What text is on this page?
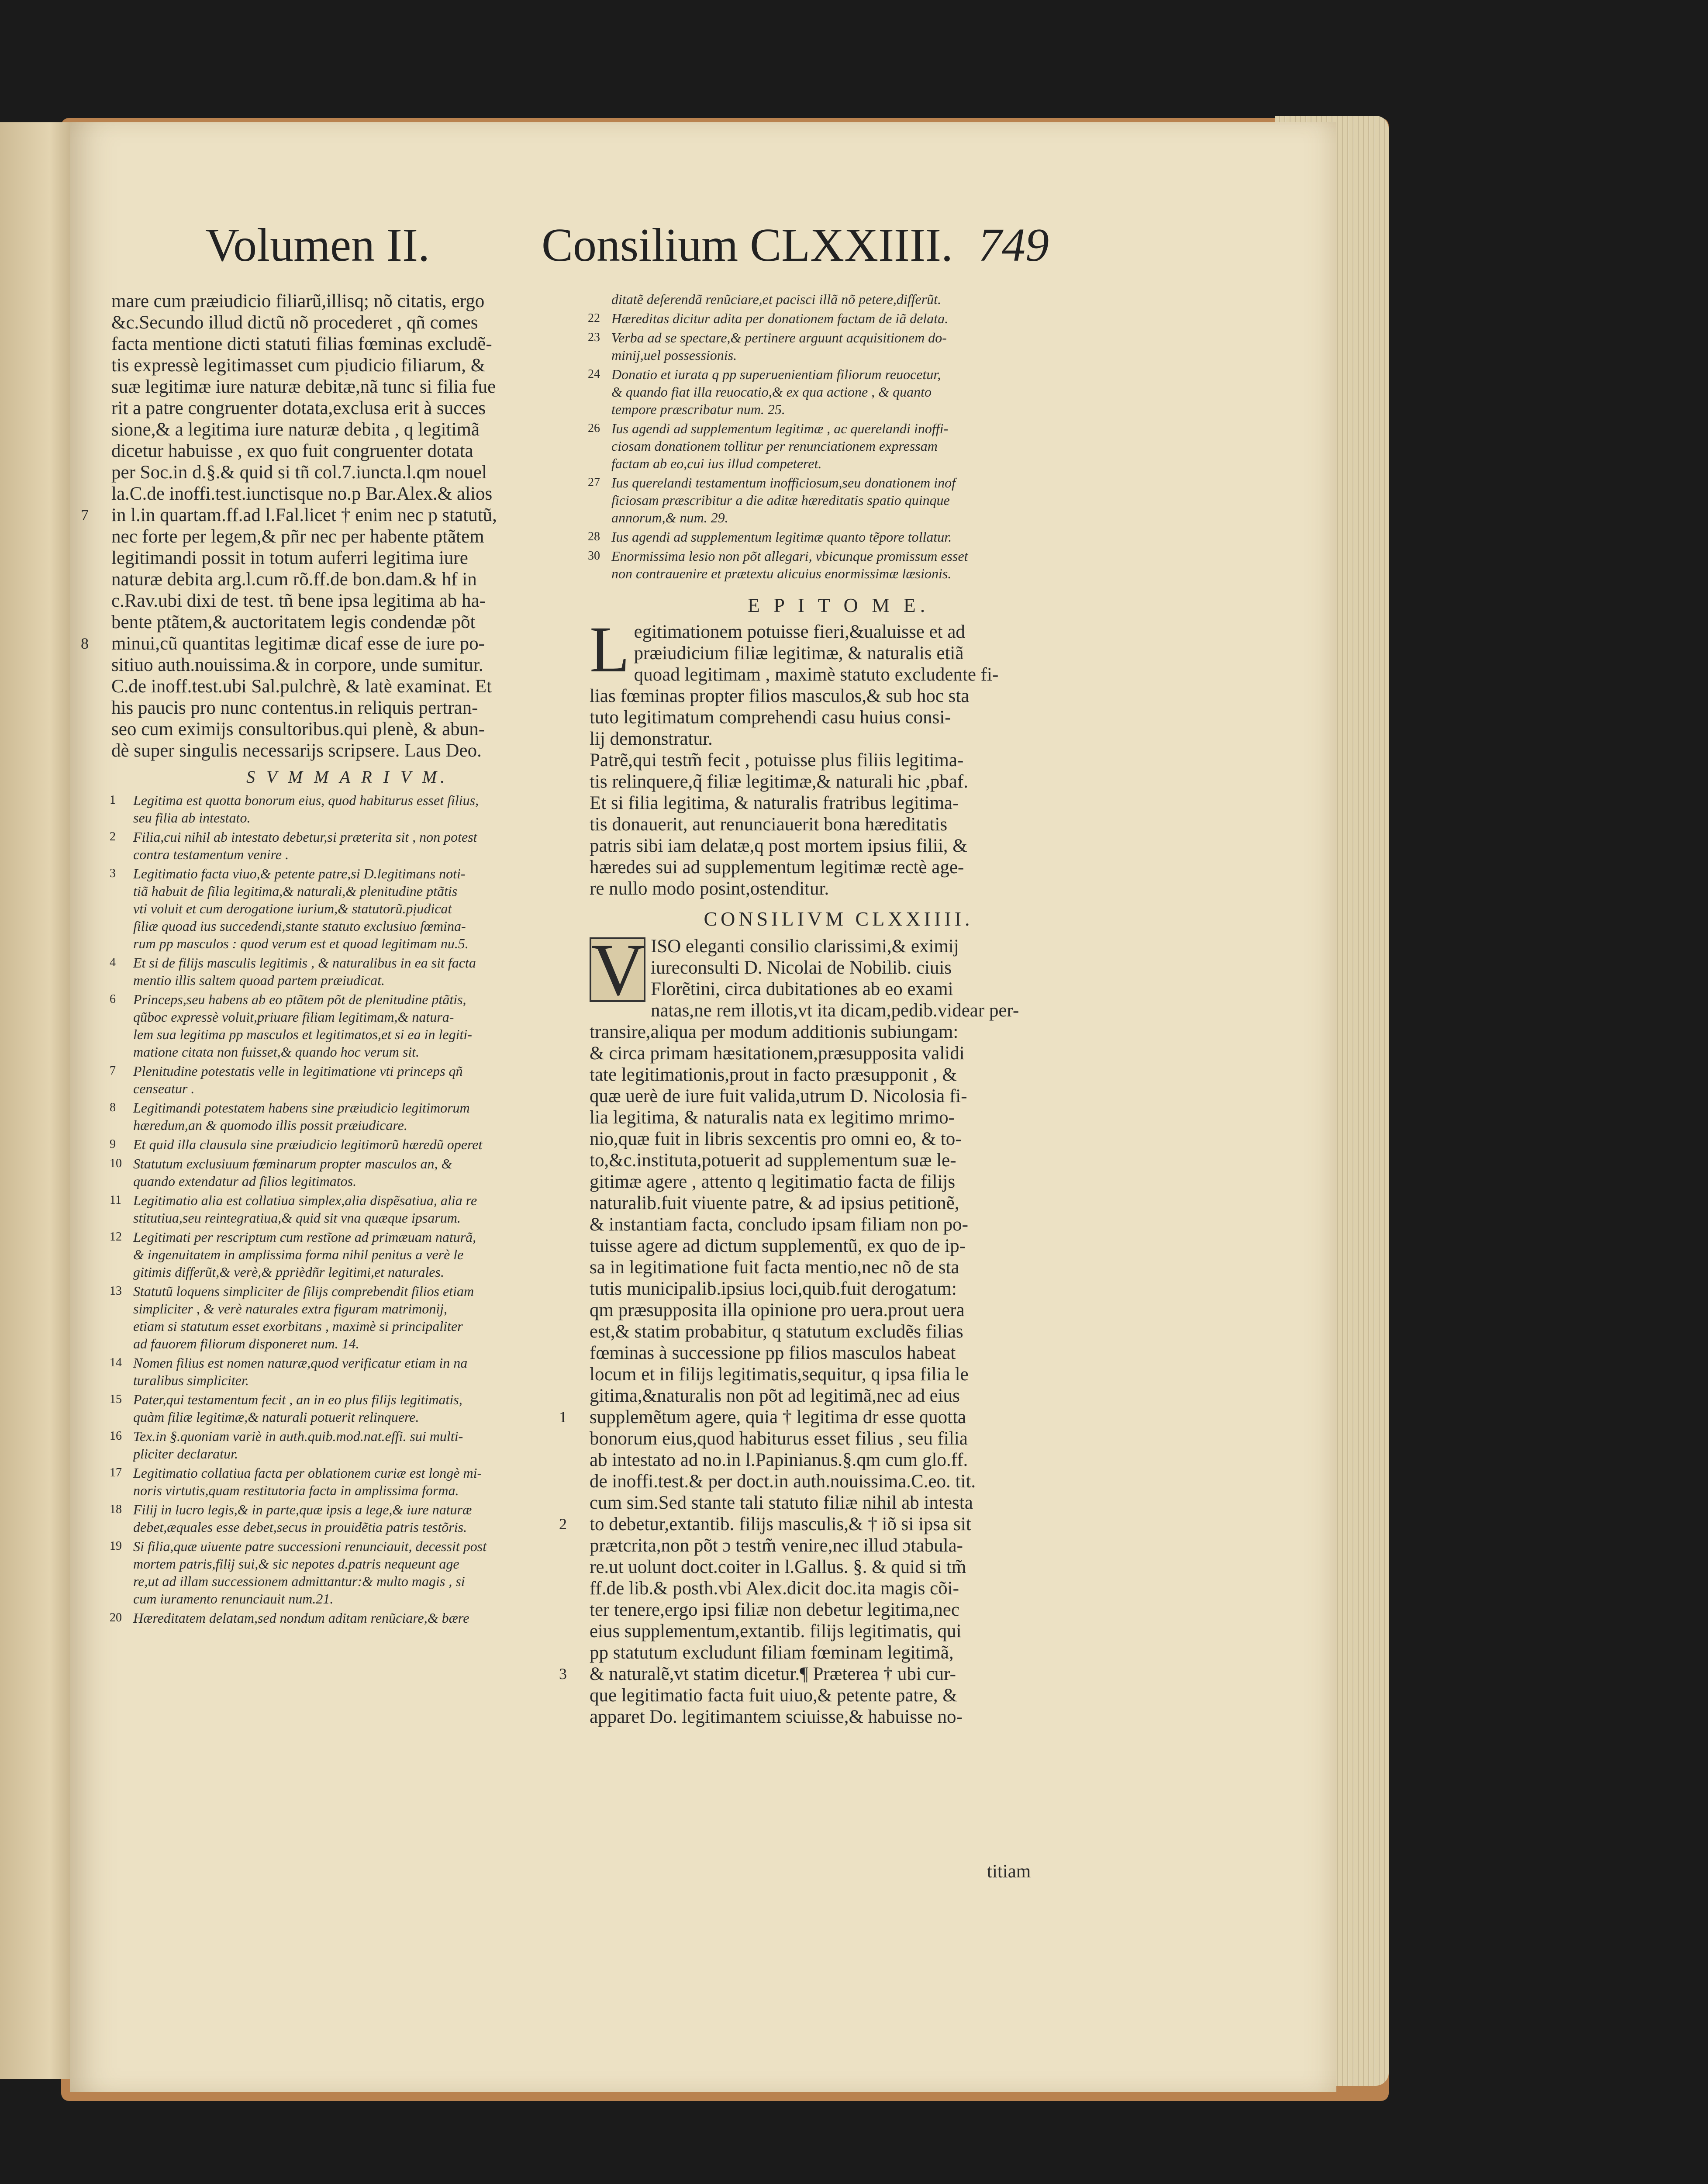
Volumen II. Consilium CLXXIIII. 749
mare cum præiudicio filiarũ,illisq; nõ citatis, ergo
&c.Secundo illud dictũ nõ procederet , qñ comes
facta mentione dicti statuti filias fœminas excludẽ-
tis expressè legitimasset cum pịudicio filiarum, &
suæ legitimæ iure naturæ debitæ,nã tunc si filia fue
rit a patre congruenter dotata,exclusa erit à succes
sione,& a legitima iure naturæ debita , q legitimã
dicetur habuisse , ex quo fuit congruenter dotata
per Soc.in d.§.& quid si tñ col.7.iuncta.l.qm nouel
la.C.de inoffi.test.iunctisque no.p Bar.Alex.& alios
7 in l.in quartam.ff.ad l.Fal.licet † enim nec p statutũ,
nec forte per legem,& pñr nec per habente ptãtem
legitimandi possit in totum auferri legitima iure
naturæ debita arg.l.cum rõ.ff.de bon.dam.& hf in
c.Rav.ubi dixi de test. tñ bene ipsa legitima ab ha-
bente ptãtem,& auctoritatem legis condendæ põt
8 minui,cũ quantitas legitimæ dicaf esse de iure po-
sitiuo auth.nouissima.& in corpore, unde sumitur.
C.de inoff.test.ubi Sal.pulchrè, & latè examinat. Et
his paucis pro nunc contentus.in reliquis pertran-
seo cum eximijs consultoribus.qui plenè, & abun-
dè super singulis necessarijs scripsere. Laus Deo.
S V M M A R I V M.
1 Legitima est quotta bonorum eius, quod habiturus esset filius,
seu filia ab intestato.
2 Filia,cui nihil ab intestato debetur,si præterita sit , non potest
contra testamentum venire .
3 Legitimatio facta viuo,& petente patre,si D.legitimans noti-
tiã habuit de filia legitima,& naturali,& plenitudine ptãtis
vti voluit et cum derogatione iurium,& statutorũ.pịudicat
filiæ quoad ius succedendi,stante statuto exclusiuo fœmina-
rum pp masculos : quod verum est et quoad legitimam nu.5.
4 Et si de filijs masculis legitimis , & naturalibus in ea sit facta
mentio illis saltem quoad partem præiudicat.
6 Princeps,seu habens ab eo ptãtem põt de plenitudine ptãtis,
qũboc expressè voluit,priuare filiam legitimam,& natura-
lem sua legitima pp masculos et legitimatos,et si ea in legiti-
matione citata non fuisset,& quando hoc verum sit.
7 Plenitudine potestatis velle in legitimatione vti princeps qñ
censeatur .
8 Legitimandi potestatem habens sine præiudicio legitimorum
hæredum,an & quomodo illis possit præiudicare.
9 Et quid illa clausula sine præiudicio legitimorũ hæredũ operet
10 Statutum exclusiuum fœminarum propter masculos an, &
quando extendatur ad filios legitimatos.
11 Legitimatio alia est collatiua simplex,alia dispẽsatiua, alia re
stitutiua,seu reintegratiua,& quid sit vna quæque ipsarum.
12 Legitimati per rescriptum cum restĩone ad primæuam naturã,
& ingenuitatem in amplissima forma nihil penitus a verè le
gitimis differũt,& verè,& pprièdñr legitimi,et naturales.
13 Statutũ loquens simpliciter de filijs comprebendit filios etiam
simpliciter , & verè naturales extra figuram matrimonij,
etiam si statutum esset exorbitans , maximè si principaliter
ad fauorem filiorum disponeret num. 14.
14 Nomen filius est nomen naturæ,quod verificatur etiam in na
turalibus simpliciter.
15 Pater,qui testamentum fecit , an in eo plus filijs legitimatis,
quàm filiæ legitimæ,& naturali potuerit relinquere.
16 Tex.in §.quoniam variè in auth.quib.mod.nat.effi. sui multi-
pliciter declaratur.
17 Legitimatio collatiua facta per oblationem curiæ est longè mi-
noris virtutis,quam restitutoria facta in amplissima forma.
18 Filij in lucro legis,& in parte,quæ ipsis a lege,& iure naturæ
debet,æquales esse debet,secus in prouidẽtia patris testõris.
19 Si filia,quæ uiuente patre successioni renunciauit, decessit post
mortem patris,filij sui,& sic nepotes d.patris nequeunt age
re,ut ad illam successionem admittantur:& multo magis , si
cum iuramento renunciauit num.21.
20 Hæreditatem delatam,sed nondum aditam renũciare,& bære
ditatẽ deferendã renũciare,et pacisci illã nõ petere,differũt.
22 Hæreditas dicitur adita per donationem factam de iã delata.
23 Verba ad se spectare,& pertinere arguunt acquisitionem do-
minij,uel possessionis.
24 Donatio et iurata q pp superuenientiam filiorum reuocetur,
& quando fiat illa reuocatio,& ex qua actione , & quanto
tempore præscribatur num. 25.
26 Ius agendi ad supplementum legitimæ , ac querelandi inoffi-
ciosam donationem tollitur per renunciationem expressam
factam ab eo,cui ius illud competeret.
27 Ius querelandi testamentum inofficiosum,seu donationem inof
ficiosam præscribitur a die aditæ hæreditatis spatio quinque
annorum,& num. 29.
28 Ius agendi ad supplementum legitimæ quanto tẽpore tollatur.
30 Enormissima lesio non põt allegari, vbicunque promissum esset
non contrauenire et prætextu alicuius enormissimæ læsionis.
E P I T O M E.
L egitimationem potuisse fieri,&ualuisse et ad
præiudicium filiæ legitimæ, & naturalis etiã
quoad legitimam , maximè statuto excludente fi-
lias fœminas propter filios masculos,& sub hoc sta
tuto legitimatum comprehendi casu huius consi-
lij demonstratur.
Patrẽ,qui testm̃ fecit , potuisse plus filiis legitima-
tis relinquere,q̃ filiæ legitimæ,& naturali hic ,pbaf.
Et si filia legitima, & naturalis fratribus legitima-
tis donauerit, aut renunciauerit bona hæreditatis
patris sibi iam delatæ,q post mortem ipsius filii, &
hæredes sui ad supplementum legitimæ rectè age-
re nullo modo posint,ostenditur.
CONSILIVM CLXXIIII.
V ISO eleganti consilio clarissimi,& eximij
iureconsulti D. Nicolai de Nobilib. ciuis
Florẽtini, circa dubitationes ab eo exami
natas,ne rem illotis,vt ita dicam,pedib.videar per-
transire,aliqua per modum additionis subiungam:
& circa primam hæsitationem,præsupposita validi
tate legitimationis,prout in facto præsupponit , &
quæ uerè de iure fuit valida,utrum D. Nicolosia fi-
lia legitima, & naturalis nata ex legitimo mrimo-
nio,quæ fuit in libris sexcentis pro omni eo, & to-
to,&c.instituta,potuerit ad supplementum suæ le-
gitimæ agere , attento q legitimatio facta de filijs
naturalib.fuit viuente patre, & ad ipsius petitionẽ,
& instantiam facta, concludo ipsam filiam non po-
tuisse agere ad dictum supplementũ, ex quo de ip-
sa in legitimatione fuit facta mentio,nec nõ de sta
tutis municipalib.ipsius loci,quib.fuit derogatum:
qm præsupposita illa opinione pro uera.prout uera
est,& statim probabitur, q statutum excludẽs filias
fœminas à successione pp filios masculos habeat
locum et in filijs legitimatis,sequitur, q ipsa filia le
gitima,&naturalis non põt ad legitimã,nec ad eius
1 supplemẽtum agere, quia † legitima dr esse quotta
bonorum eius,quod habiturus esset filius , seu filia
ab intestato ad no.in l.Papinianus.§.qm cum glo.ff.
de inoffi.test.& per doct.in auth.nouissima.C.eo. tit.
cum sim.Sed stante tali statuto filiæ nihil ab intesta
2 to debetur,extantib. filijs masculis,& † iõ si ipsa sit
prætcrita,non põt ɔ testm̃ venire,nec illud ɔtabula-
re.ut uolunt doct.coiter in l.Gallus. §. & quid si tm̃
ff.de lib.& posth.vbi Alex.dicit doc.ita magis cõi-
ter tenere,ergo ipsi filiæ non debetur legitima,nec
eius supplementum,extantib. filijs legitimatis, qui
pp statutum excludunt filiam fœminam legitimã,
3 & naturalẽ,vt statim dicetur.¶ Præterea † ubi cur-
que legitimatio facta fuit uiuo,& petente patre, &
apparet Do. legitimantem sciuisse,& habuisse no-
titiam
